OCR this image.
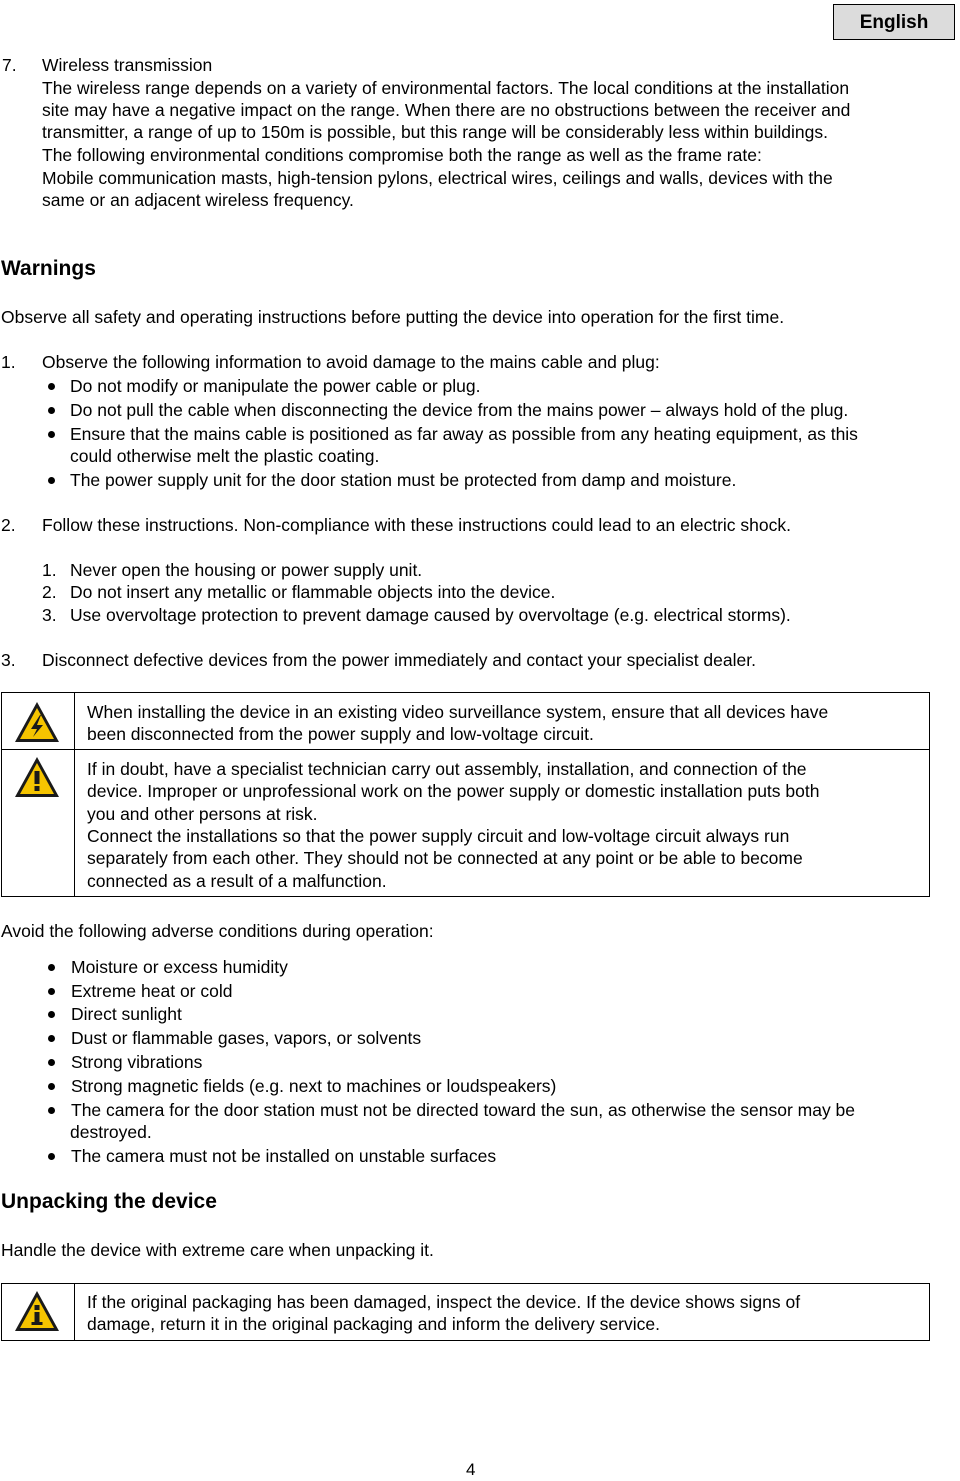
English
7. Wireless transmission
The wireless range depends on a variety of environmental factors. The local conditions at the installation
site may have a negative impact on the range. When there are no obstructions between the receiver and
transmitter, a range of up to 150m is possible, but this range will be considerably less within buildings.
The following environmental conditions compromise both the range as well as the frame rate:
Mobile communication masts, high-tension pylons, electrical wires, ceilings and walls, devices with the
same or an adjacent wireless frequency.
Warnings
Observe all safety and operating instructions before putting the device into operation for the first time.
1. Observe the following information to avoid damage to the mains cable and plug:
Do not modify or manipulate the power cable or plug.
Do not pull the cable when disconnecting the device from the mains power – always hold of the plug.
Ensure that the mains cable is positioned as far away as possible from any heating equipment, as this
could otherwise melt the plastic coating.
The power supply unit for the door station must be protected from damp and moisture.
2. Follow these instructions. Non-compliance with these instructions could lead to an electric shock.
1. Never open the housing or power supply unit.
2. Do not insert any metallic or flammable objects into the device.
3. Use overvoltage protection to prevent damage caused by overvoltage (e.g. electrical storms).
3. Disconnect defective devices from the power immediately and contact your specialist dealer.
When installing the device in an existing video surveillance system, ensure that all devices have
been disconnected from the power supply and low-voltage circuit.
If in doubt, have a specialist technician carry out assembly, installation, and connection of the
device. Improper or unprofessional work on the power supply or domestic installation puts both
you and other persons at risk.
Connect the installations so that the power supply circuit and low-voltage circuit always run
separately from each other. They should not be connected at any point or be able to become
connected as a result of a malfunction.
Avoid the following adverse conditions during operation:
Moisture or excess humidity
Extreme heat or cold
Direct sunlight
Dust or flammable gases, vapors, or solvents
Strong vibrations
Strong magnetic fields (e.g. next to machines or loudspeakers)
The camera for the door station must not be directed toward the sun, as otherwise the sensor may be
destroyed.
The camera must not be installed on unstable surfaces
Unpacking the device
Handle the device with extreme care when unpacking it.
If the original packaging has been damaged, inspect the device. If the device shows signs of
damage, return it in the original packaging and inform the delivery service.
4
